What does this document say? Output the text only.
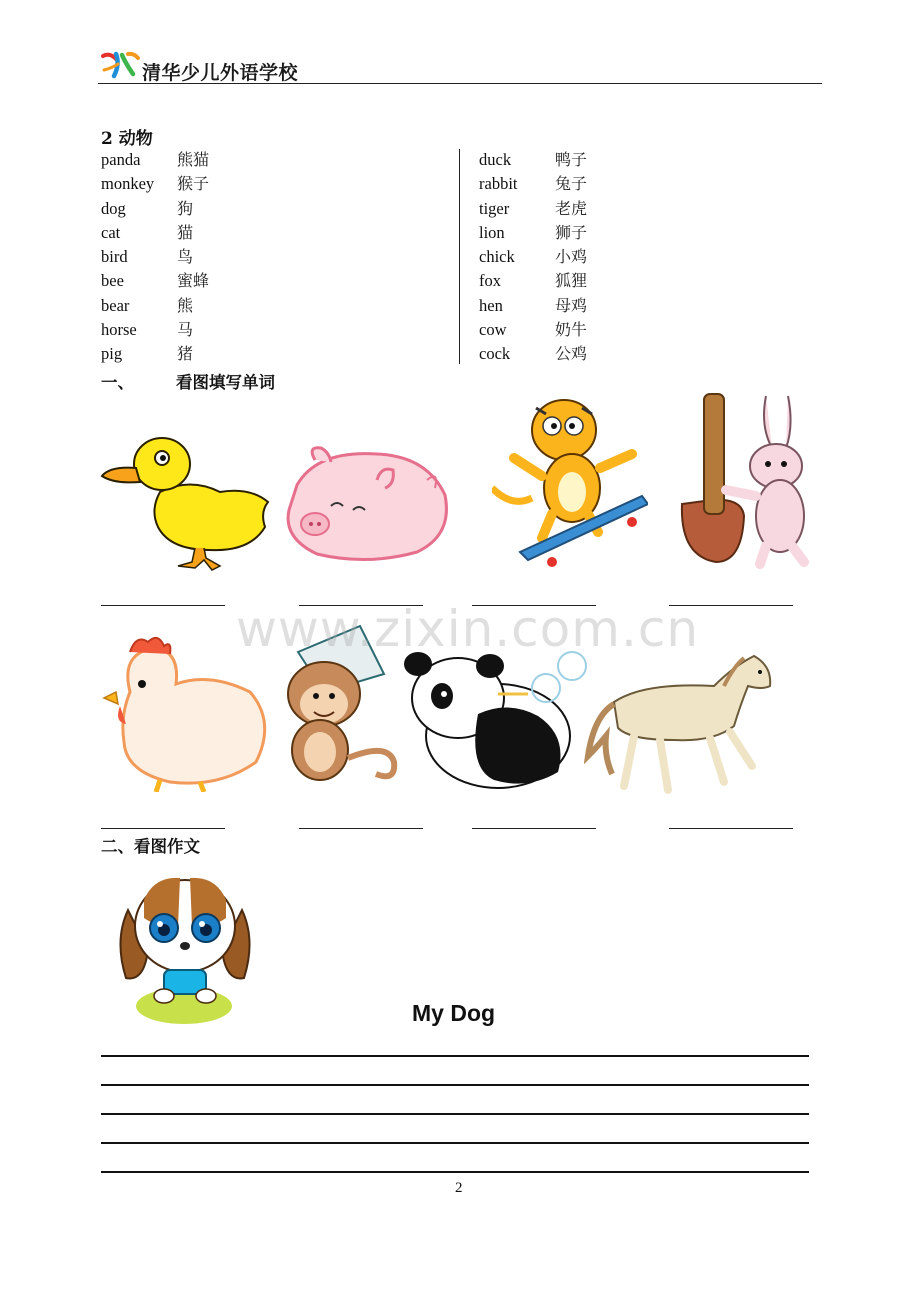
清华少儿外语学校
2 动物
panda 熊猫
monkey 猴子
dog	狗
cat	猫
bird	鸟
bee	蜜蜂
bear	熊
horse	马
pig	猪
duck	鸭子
rabbit 兔子
tiger	老虎
lion	狮子
chick	小鸡
fox	狐狸
hen	母鸡
cow	奶牛
cock	公鸡
一、	看图填写单词
www.zixin.com.cn
二、看图作文
My Dog
2
